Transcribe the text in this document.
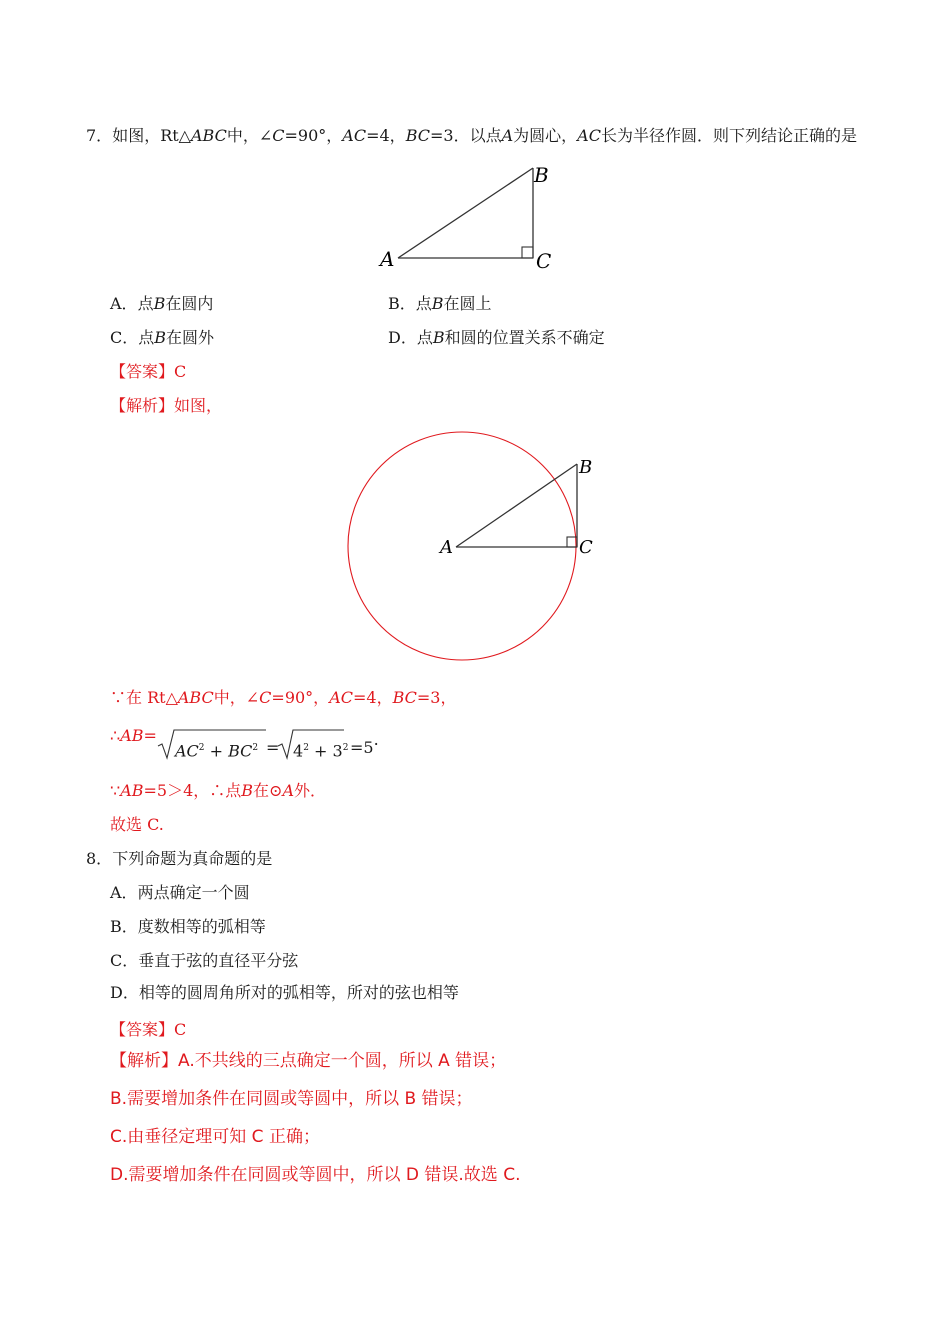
7．如图，Rt△ABC中，∠C=90°，AC=4，BC=3．以点A为圆心，AC长为半径作圆．则下列结论正确的是
A
B
C
A．点B在圆内	B．点B在圆上
C．点B在圆外	D．点B和圆的位置关系不确定
【答案】C
【解析】如图，
A
B
C
∵在 Rt△ABC中，∠C=90°，AC=4，BC=3，
∴AB=
$AC^2 + BC^2 = 4^2 + 3^2 =5$.
∵AB=5＞4，∴点B在⊙A外．
故选 C.
8．下列命题为真命题的是
A．两点确定一个圆
B．度数相等的弧相等
C．垂直于弦的直径平分弦
D．相等的圆周角所对的弧相等，所对的弦也相等
【答案】C
【解析】A.不共线的三点确定一个圆，所以 A 错误；
B.需要增加条件在同圆或等圆中，所以 B 错误；
C.由垂径定理可知 C 正确；
D.需要增加条件在同圆或等圆中，所以 D 错误.故选 C.
